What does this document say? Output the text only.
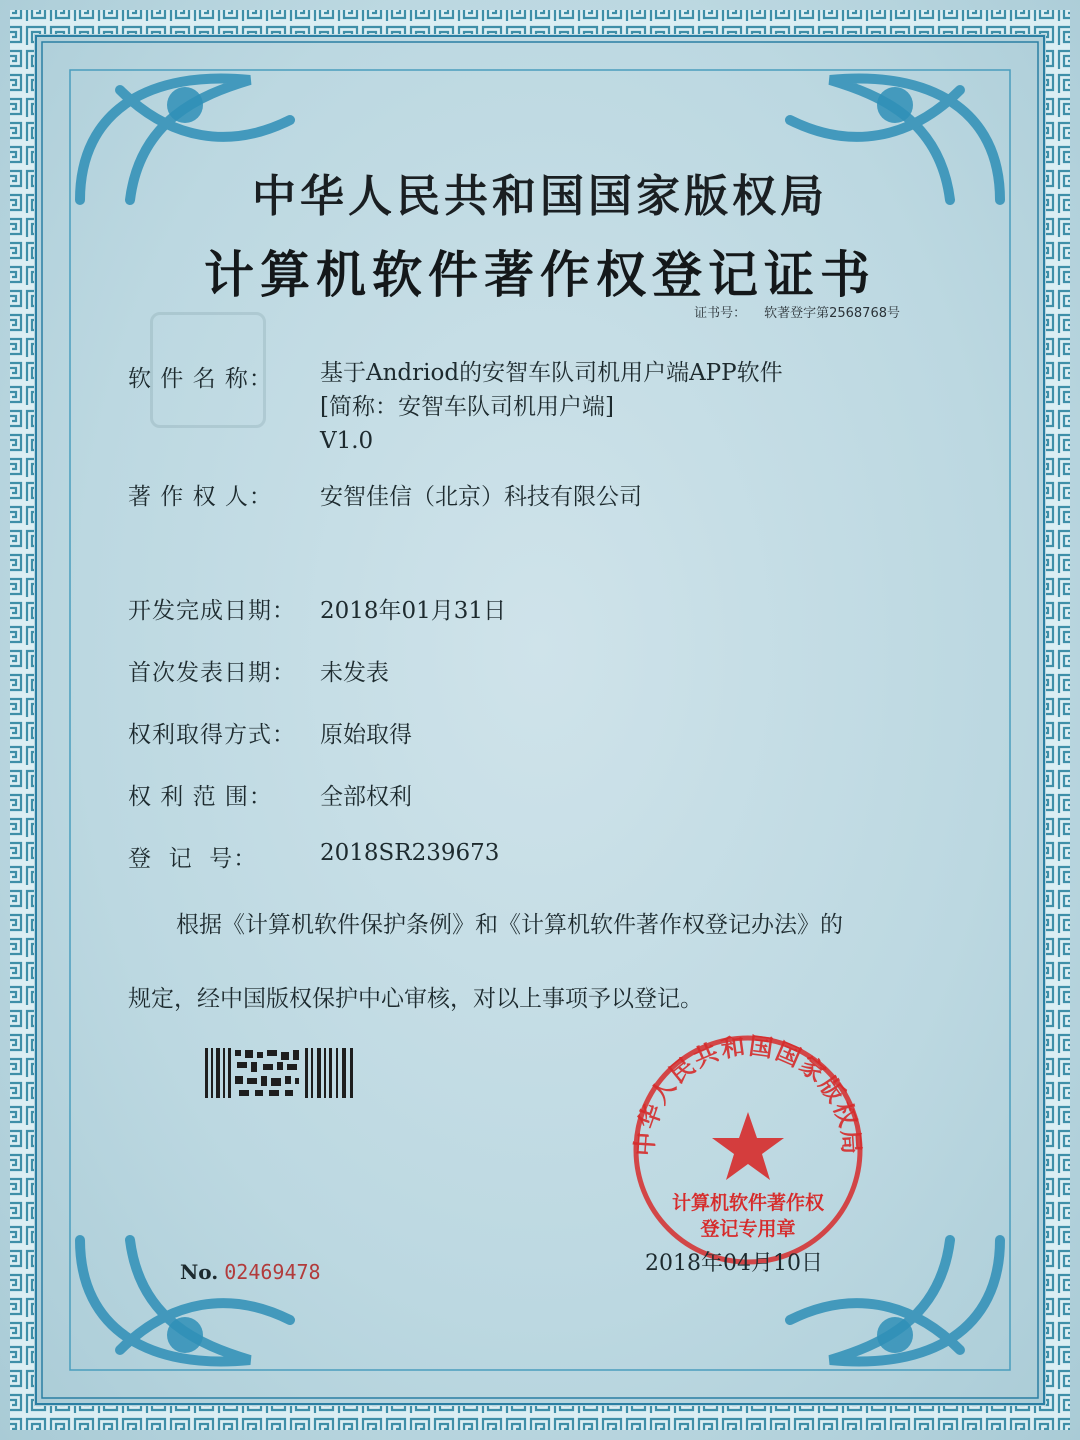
中华人民共和国国家版权局
计算机软件著作权登记证书
证书号： 软著登字第2568768号
软 件 名 称： 基于Andriod的安智车队司机用户端APP软件
[简称：安智车队司机用户端]
V1.0
著 作 权 人： 安智佳信（北京）科技有限公司
开发完成日期： 2018年01月31日
首次发表日期： 未发表
权利取得方式： 原始取得
权 利 范 围： 全部权利
登  记  号：	2018SR239673
根据《计算机软件保护条例》和《计算机软件著作权登记办法》的
规定，经中国版权保护中心审核，对以上事项予以登记。
中华人民共和国国家版权局
计算机软件著作权
登记专用章
No. 02469478	2018年04月10日
